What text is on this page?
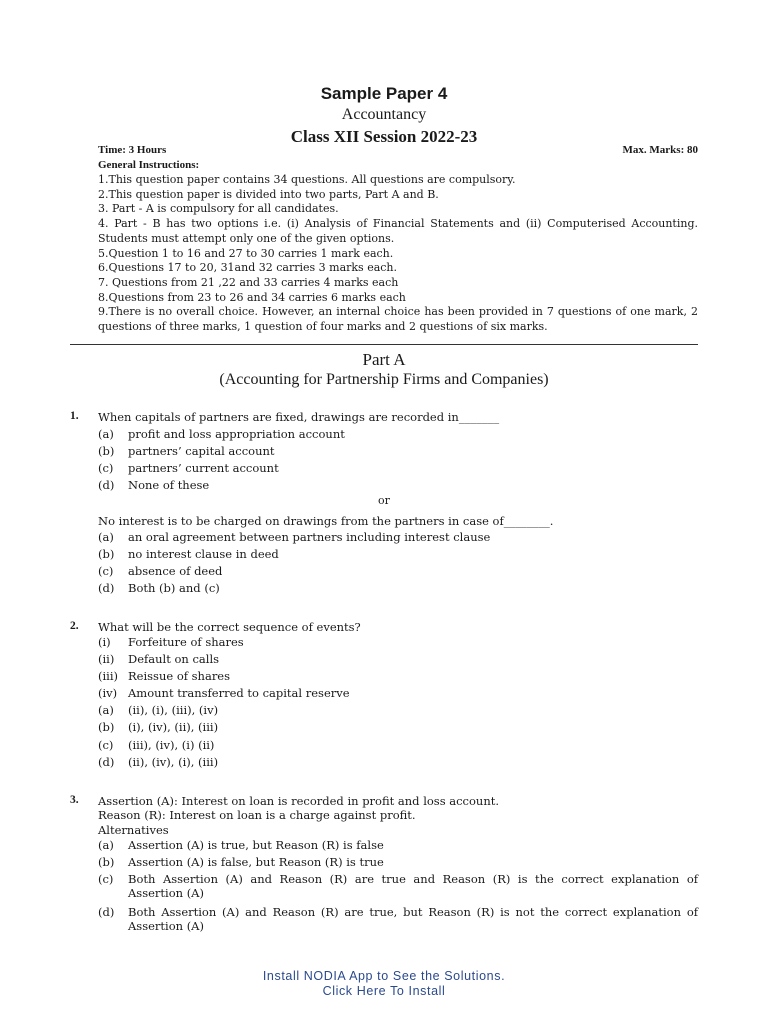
Sample Paper 4
Accountancy
Class XII Session 2022-23
Time: 3 Hours	Max. Marks: 80
General Instructions:
1.This question paper contains 34 questions. All questions are compulsory.
2.This question paper is divided into two parts, Part A and B.
3. Part - A is compulsory for all candidates.
4. Part - B has two options i.e. (i) Analysis of Financial Statements and (ii) Computerised Accounting. Students must attempt only one of the given options.
5.Question 1 to 16 and 27 to 30 carries 1 mark each.
6.Questions 17 to 20, 31and 32 carries 3 marks each.
7. Questions from 21 ,22 and 33 carries 4 marks each
8.Questions from 23 to 26 and 34 carries 6 marks each
9.There is no overall choice. However, an internal choice has been provided in 7 questions of one mark, 2 questions of three marks, 1 question of four marks and 2 questions of six marks.
Part A
(Accounting for Partnership Firms and Companies)
1. When capitals of partners are fixed, drawings are recorded in_______
(a) profit and loss appropriation account
(b) partners’ capital account
(c) partners’ current account
(d) None of these
or
No interest is to be charged on drawings from the partners in case of________.
(a) an oral agreement between partners including interest clause
(b) no interest clause in deed
(c) absence of deed
(d) Both (b) and (c)
2. What will be the correct sequence of events?
(i) Forfeiture of shares
(ii) Default on calls
(iii) Reissue of shares
(iv) Amount transferred to capital reserve
(a) (ii), (i), (iii), (iv)
(b) (i), (iv), (ii), (iii)
(c) (iii), (iv), (i) (ii)
(d) (ii), (iv), (i), (iii)
3. Assertion (A): Interest on loan is recorded in profit and loss account.
Reason (R): Interest on loan is a charge against profit.
Alternatives
(a) Assertion (A) is true, but Reason (R) is false
(b) Assertion (A) is false, but Reason (R) is true
(c) Both Assertion (A) and Reason (R) are true and Reason (R) is the correct explanation of Assertion (A)
(d) Both Assertion (A) and Reason (R) are true, but Reason (R) is not the correct explanation of Assertion (A)
Install NODIA App to See the Solutions.
Click Here To Install
